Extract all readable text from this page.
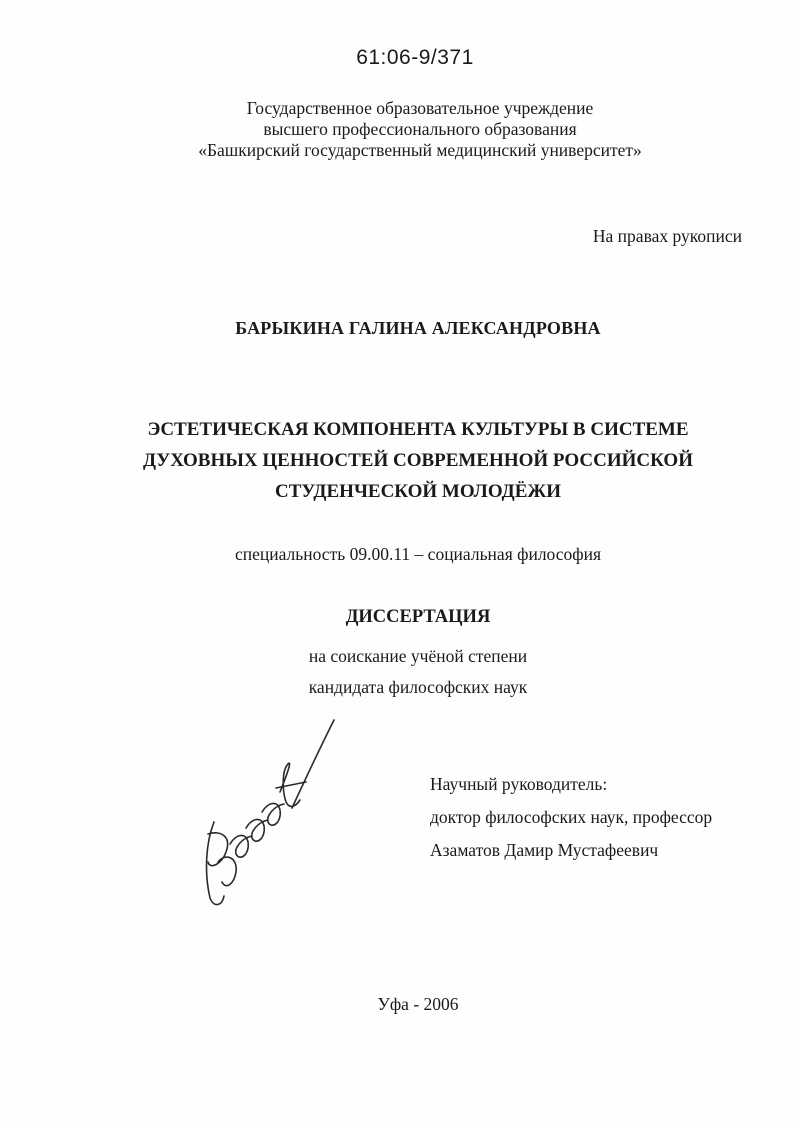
61:06-9/371
Государственное образовательное учреждение
высшего профессионального образования
«Башкирский государственный медицинский университет»
На правах рукописи
БАРЫКИНА ГАЛИНА АЛЕКСАНДРОВНА
ЭСТЕТИЧЕСКАЯ КОМПОНЕНТА КУЛЬТУРЫ В СИСТЕМЕ
ДУХОВНЫХ ЦЕННОСТЕЙ СОВРЕМЕННОЙ РОССИЙСКОЙ
СТУДЕНЧЕСКОЙ МОЛОДЁЖИ
специальность 09.00.11 – социальная философия
ДИССЕРТАЦИЯ
на соискание учёной степени
кандидата философских наук
Научный руководитель:
доктор философских наук, профессор
Азаматов Дамир Мустафеевич
Уфа - 2006
